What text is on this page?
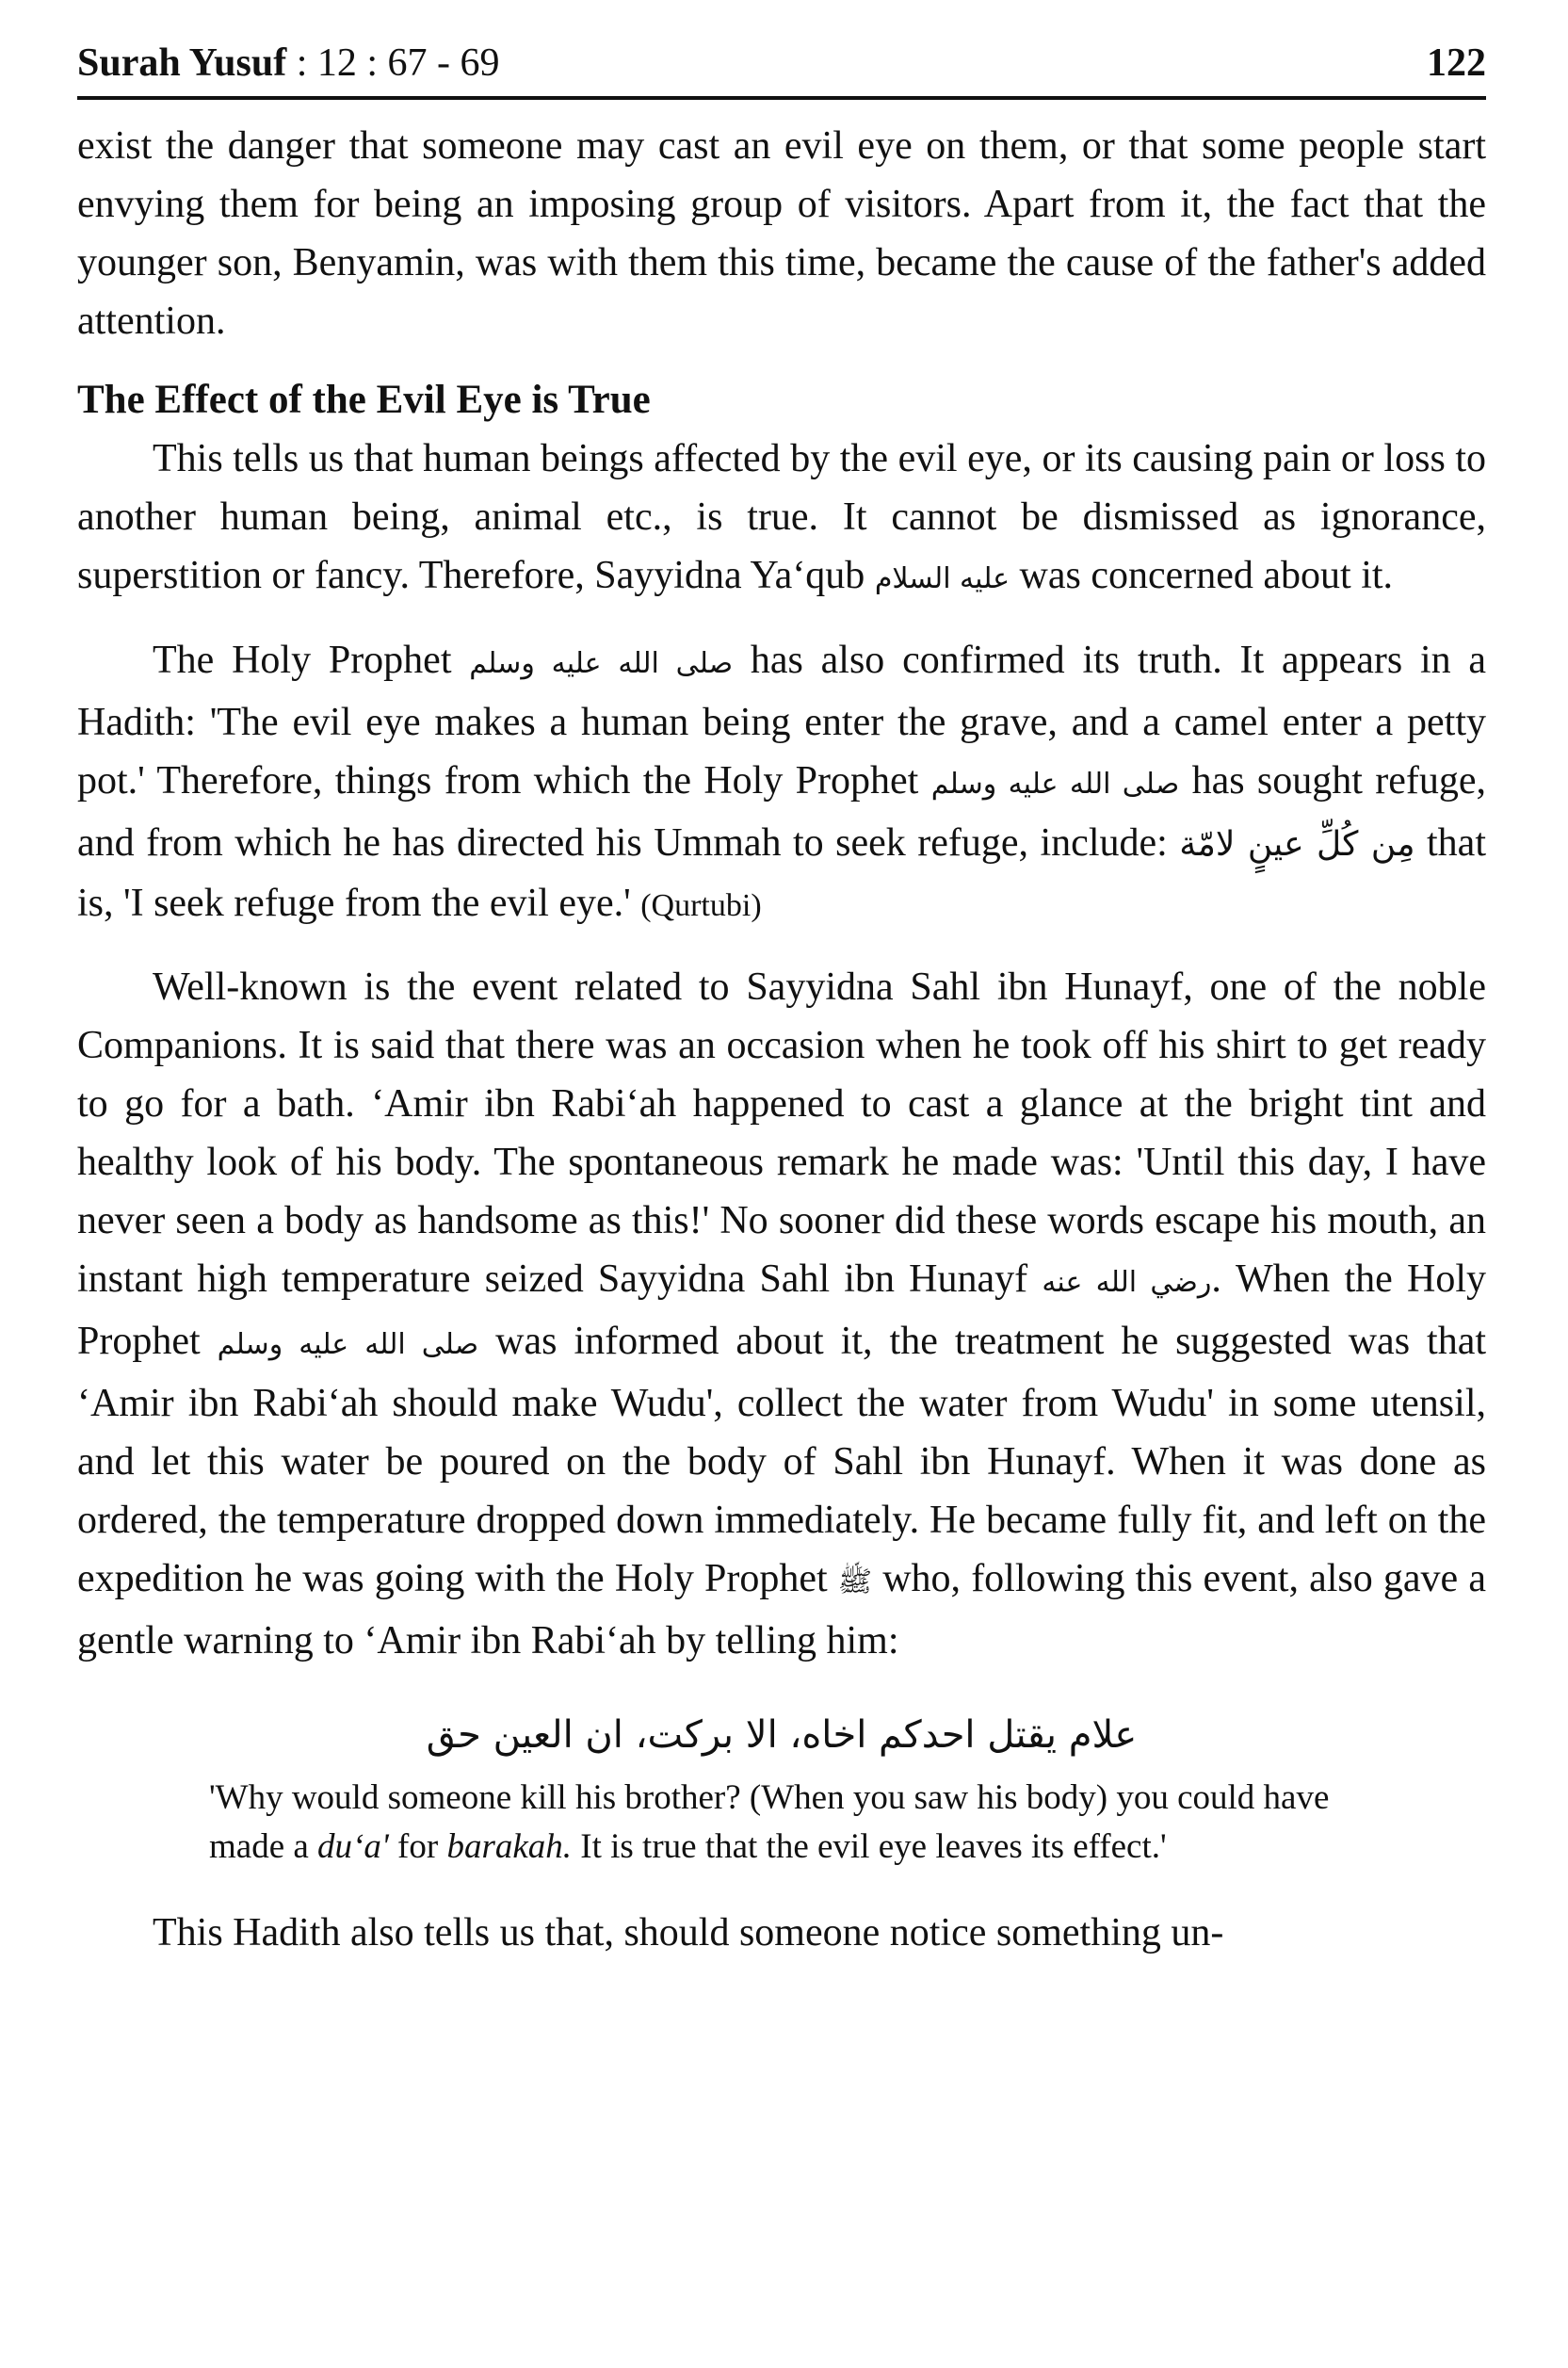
Surah Yusuf : 12 : 67 - 69	122

exist the danger that someone may cast an evil eye on them, or that some people start envying them for being an imposing group of visitors. Apart from it, the fact that the younger son, Benyamin, was with them this time, became the cause of the father's added attention.

The Effect of the Evil Eye is True

This tells us that human beings affected by the evil eye, or its causing pain or loss to another human being, animal etc., is true. It cannot be dismissed as ignorance, superstition or fancy. Therefore, Sayyidna Ya‘qub عليه السلام was concerned about it.

The Holy Prophet صلى الله عليه وسلم has also confirmed its truth. It appears in a Hadith: 'The evil eye makes a human being enter the grave, and a camel enter a petty pot.' Therefore, things from which the Holy Prophet صلى الله عليه وسلم has sought refuge, and from which he has directed his Ummah to seek refuge, include: مِن كُلِّ عينٍ لامّة that is, 'I seek refuge from the evil eye.' (Qurtubi)

Well-known is the event related to Sayyidna Sahl ibn Hunayf, one of the noble Companions. It is said that there was an occasion when he took off his shirt to get ready to go for a bath. ‘Amir ibn Rabi‘ah happened to cast a glance at the bright tint and healthy look of his body. The spontaneous remark he made was: 'Until this day, I have never seen a body as handsome as this!' No sooner did these words escape his mouth, an instant high temperature seized Sayyidna Sahl ibn Hunayf رضي الله عنه. When the Holy Prophet صلى الله عليه وسلم was informed about it, the treatment he suggested was that ‘Amir ibn Rabi‘ah should make Wudu', collect the water from Wudu' in some utensil, and let this water be poured on the body of Sahl ibn Hunayf. When it was done as ordered, the temperature dropped down immediately. He became fully fit, and left on the expedition he was going with the Holy Prophet ﷺ who, following this event, also gave a gentle warning to ‘Amir ibn Rabi‘ah by telling him:

علام يقتل احدكم اخاه، الا بركت، ان العين حق
'Why would someone kill his brother? (When you saw his body) you could have made a du‘a' for barakah. It is true that the evil eye leaves its effect.'

This Hadith also tells us that, should someone notice something un-
